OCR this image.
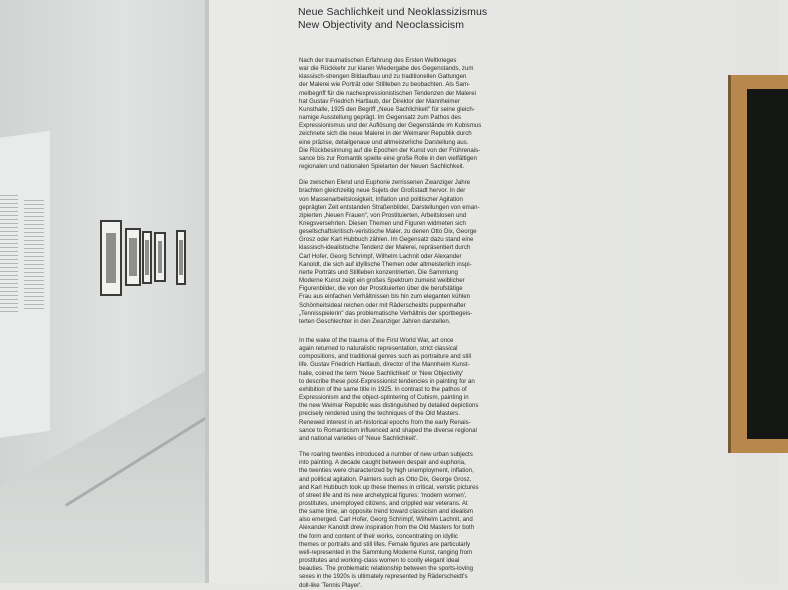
Neue Sachlichkeit und Neoklassizismus
New Objectivity and Neoclassicism

Nach der traumatischen Erfahrung des Ersten Weltkrieges
war die Rückkehr zur klaren Wiedergabe des Gegenstands, zum
klassisch-strengen Bildaufbau und zu traditionellen Gattungen
der Malerei wie Porträt oder Stillleben zu beobachten. Als Sam-
melbegriff für die nachexpressionistischen Tendenzen der Malerei
hat Gustav Friedrich Hartlaub, der Direktor der Mannheimer
Kunsthalle, 1925 den Begriff „Neue Sachlichkeit" für seine gleich-
namige Ausstellung geprägt. Im Gegensatz zum Pathos des
Expressionismus und der Auflösung der Gegenstände im Kubismus
zeichnete sich die neue Malerei in der Weimarer Republik durch
eine präzise, detailgenaue und altmeisterliche Darstellung aus.
Die Rückbesinnung auf die Epochen der Kunst von der Frührenais-
sance bis zur Romantik spielte eine große Rolle in den vielfältigen
regionalen und nationalen Spielarten der Neuen Sachlichkeit.

Die zwischen Elend und Euphorie zerrissenen Zwanziger Jahre
brachten gleichzeitig neue Sujets der Großstadt hervor. In der
von Massenarbeitslosigkeit, Inflation und politischer Agitation
geprägten Zeit entstanden Straßenbilder, Darstellungen von eman-
zipierten „Neuen Frauen", von Prostituierten, Arbeitslosen und
Kriegsversehrten. Diesen Themen und Figuren widmeten sich
gesellschaftskritisch-veristische Maler, zu denen Otto Dix, George
Grosz oder Karl Hubbuch zählen. Im Gegensatz dazu stand eine
klassisch-idealistische Tendenz der Malerei, repräsentiert durch
Carl Hofer, Georg Schrimpf, Wilhelm Lachnit oder Alexander
Kanoldt, die sich auf idyllische Themen oder altmeisterlich inspi-
rierte Porträts und Stillleben konzentrierten. Die Sammlung
Moderne Kunst zeigt ein großes Spektrum zumeist weiblicher
Figurenbilder, die von der Prostituierten über die berufstätige
Frau aus einfachen Verhältnissen bis hin zum eleganten kühlen
Schönheitsideal reichen oder mit Räderscheidts puppenhafter
„Tennisspielerin" das problematische Verhältnis der sportbegeis-
terten Geschlechter in den Zwanziger Jahren darstellen.

In the wake of the trauma of the First World War, art once
again returned to naturalistic representation, strict classical
compositions, and traditional genres such as portraiture and still
life. Gustav Friedrich Hartlaub, director of the Mannheim Kunst-
halle, coined the term 'Neue Sachlichkeit' or 'New Objectivity'
to describe these post-Expressionist tendencies in painting for an
exhibition of the same title in 1925. In contrast to the pathos of
Expressionism and the object-splintering of Cubism, painting in
the new Weimar Republic was distinguished by detailed depictions
precisely rendered using the techniques of the Old Masters.
Renewed interest in art-historical epochs from the early Renais-
sance to Romanticism influenced and shaped the diverse regional
and national varieties of 'Neue Sachlichkeit'.

The roaring twenties introduced a number of new urban subjects
into painting. A decade caught between despair and euphoria,
the twenties were characterized by high unemployment, inflation,
and political agitation. Painters such as Otto Dix, George Grosz,
and Karl Hubbuch took up these themes in critical, veristic pictures
of street life and its new archetypical figures: 'modern women',
prostitutes, unemployed citizens, and crippled war veterans. At
the same time, an opposite trend toward classicism and idealism
also emerged. Carl Hofer, Georg Schrimpf, Wilhelm Lachnit, and
Alexander Kanoldt drew inspiration from the Old Masters for both
the form and content of their works, concentrating on idyllic
themes or portraits and still lifes. Female figures are particularly
well-represented in the Sammlung Moderne Kunst, ranging from
prostitutes and working-class women to coolly elegant ideal
beauties. The problematic relationship between the sports-loving
sexes in the 1920s is ultimately represented by Räderscheidt's
doll-like 'Tennis Player'.
